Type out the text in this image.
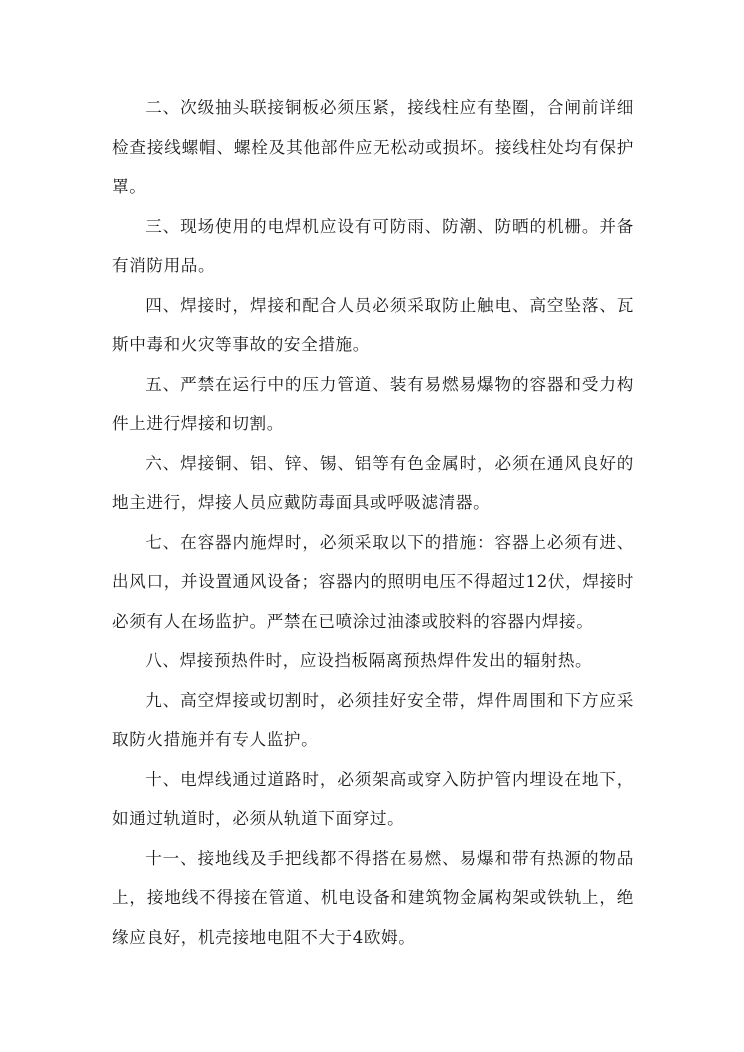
二、次级抽头联接铜板必须压紧，接线柱应有垫圈，合闸前详细检查接线螺帽、螺栓及其他部件应无松动或损坏。接线柱处均有保护罩。

三、现场使用的电焊机应设有可防雨、防潮、防晒的机栅。并备有消防用品。

四、焊接时，焊接和配合人员必须采取防止触电、高空坠落、瓦斯中毒和火灾等事故的安全措施。

五、严禁在运行中的压力管道、装有易燃易爆物的容器和受力构件上进行焊接和切割。

六、焊接铜、铝、锌、锡、铝等有色金属时，必须在通风良好的地主进行，焊接人员应戴防毒面具或呼吸滤清器。

七、在容器内施焊时，必须采取以下的措施：容器上必须有进、出风口，并设置通风设备；容器内的照明电压不得超过12伏，焊接时必须有人在场监护。严禁在已喷涂过油漆或胶料的容器内焊接。

八、焊接预热件时，应设挡板隔离预热焊件发出的辐射热。

九、高空焊接或切割时，必须挂好安全带，焊件周围和下方应采取防火措施并有专人监护。

十、电焊线通过道路时，必须架高或穿入防护管内埋设在地下，如通过轨道时，必须从轨道下面穿过。

十一、接地线及手把线都不得搭在易燃、易爆和带有热源的物品上，接地线不得接在管道、机电设备和建筑物金属构架或铁轨上，绝缘应良好，机壳接地电阻不大于4欧姆。
